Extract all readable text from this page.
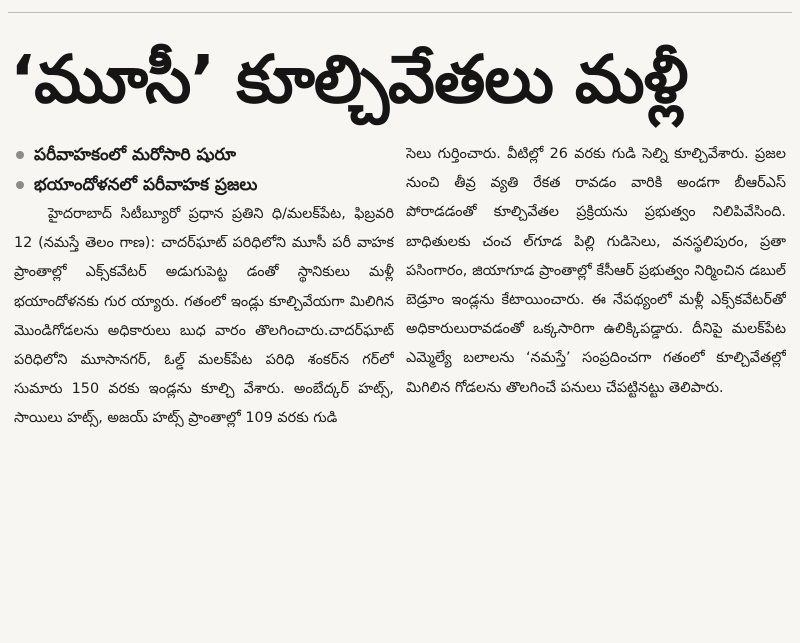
‘మూసీ’ కూల్చివేతలు మళ్లీ
పరీవాహకంలో మరోసారి షురూ
భయాందోళనలో పరీవాహక ప్రజలు

హైదరాబాద్ సిటీబ్యూరో ప్రధాన ప్రతిని ధి/మలక్‌పేట, ఫిబ్రవరి 12 (నమస్తే తెలం గాణ): చాదర్‌ఘాట్ పరిధిలోని మూసీ పరీ వాహక ప్రాంతాల్లో ఎక్స్‌కవేటర్ అడుగుపెట్ట డంతో స్థానికులు మళ్లీ భయాందోళనకు గుర య్యారు. గతంలో ఇండ్లు కూల్చివేయగా మిలిగిన మొండిగోడలను అధికారులు బుధ వారం తొలగించారు.చాదర్‌ఘాట్ పరిధిలోని మూసానగర్, ఓల్డ్ మలక్‌పేట పరిధి శంకర్‌న గర్‌లో సుమారు 150 వరకు ఇండ్లను కూల్చి వేశారు. అంబేద్కర్ హట్స్, సాయిలు హట్స్, అజయ్ హట్స్ ప్రాంతాల్లో 109 వరకు గుడి

సెలు గుర్తించారు. వీటిల్లో 26 వరకు గుడి సెల్ని కూల్చివేశారు. ప్రజల నుంచి తీవ్ర వ్యతి రేకత రావడం వారికి అండగా బీఆర్‌ఎస్ పోరాడడంతో కూల్చివేతల ప్రక్రియను ప్రభుత్వం నిలిపివేసింది. బాధితులకు చంచ ల్‌గూడ పిల్లి గుడిసెలు, వనస్థలిపురం, ప్రతా పసింగారం, జియాగూడ ప్రాంతాల్లో కేసీఆర్ ప్రభుత్వం నిర్మించిన డబుల్ బెడ్రూం ఇండ్లను కేటాయించారు. ఈ నేపథ్యంలో మళ్లీ ఎక్స్‌కవేటర్‌తో అధికారులురావడంతో ఒక్కసారిగా ఉలిక్కిపడ్డారు. దీనిపై మలక్‌పేట ఎమ్మెల్యే బలాలను ‘నమస్తే’ సంప్రదించగా గతంలో కూల్చివేతల్లో మిగిలిన గోడలను తొలగించే పనులు చేపట్టినట్టు తెలిపారు.
